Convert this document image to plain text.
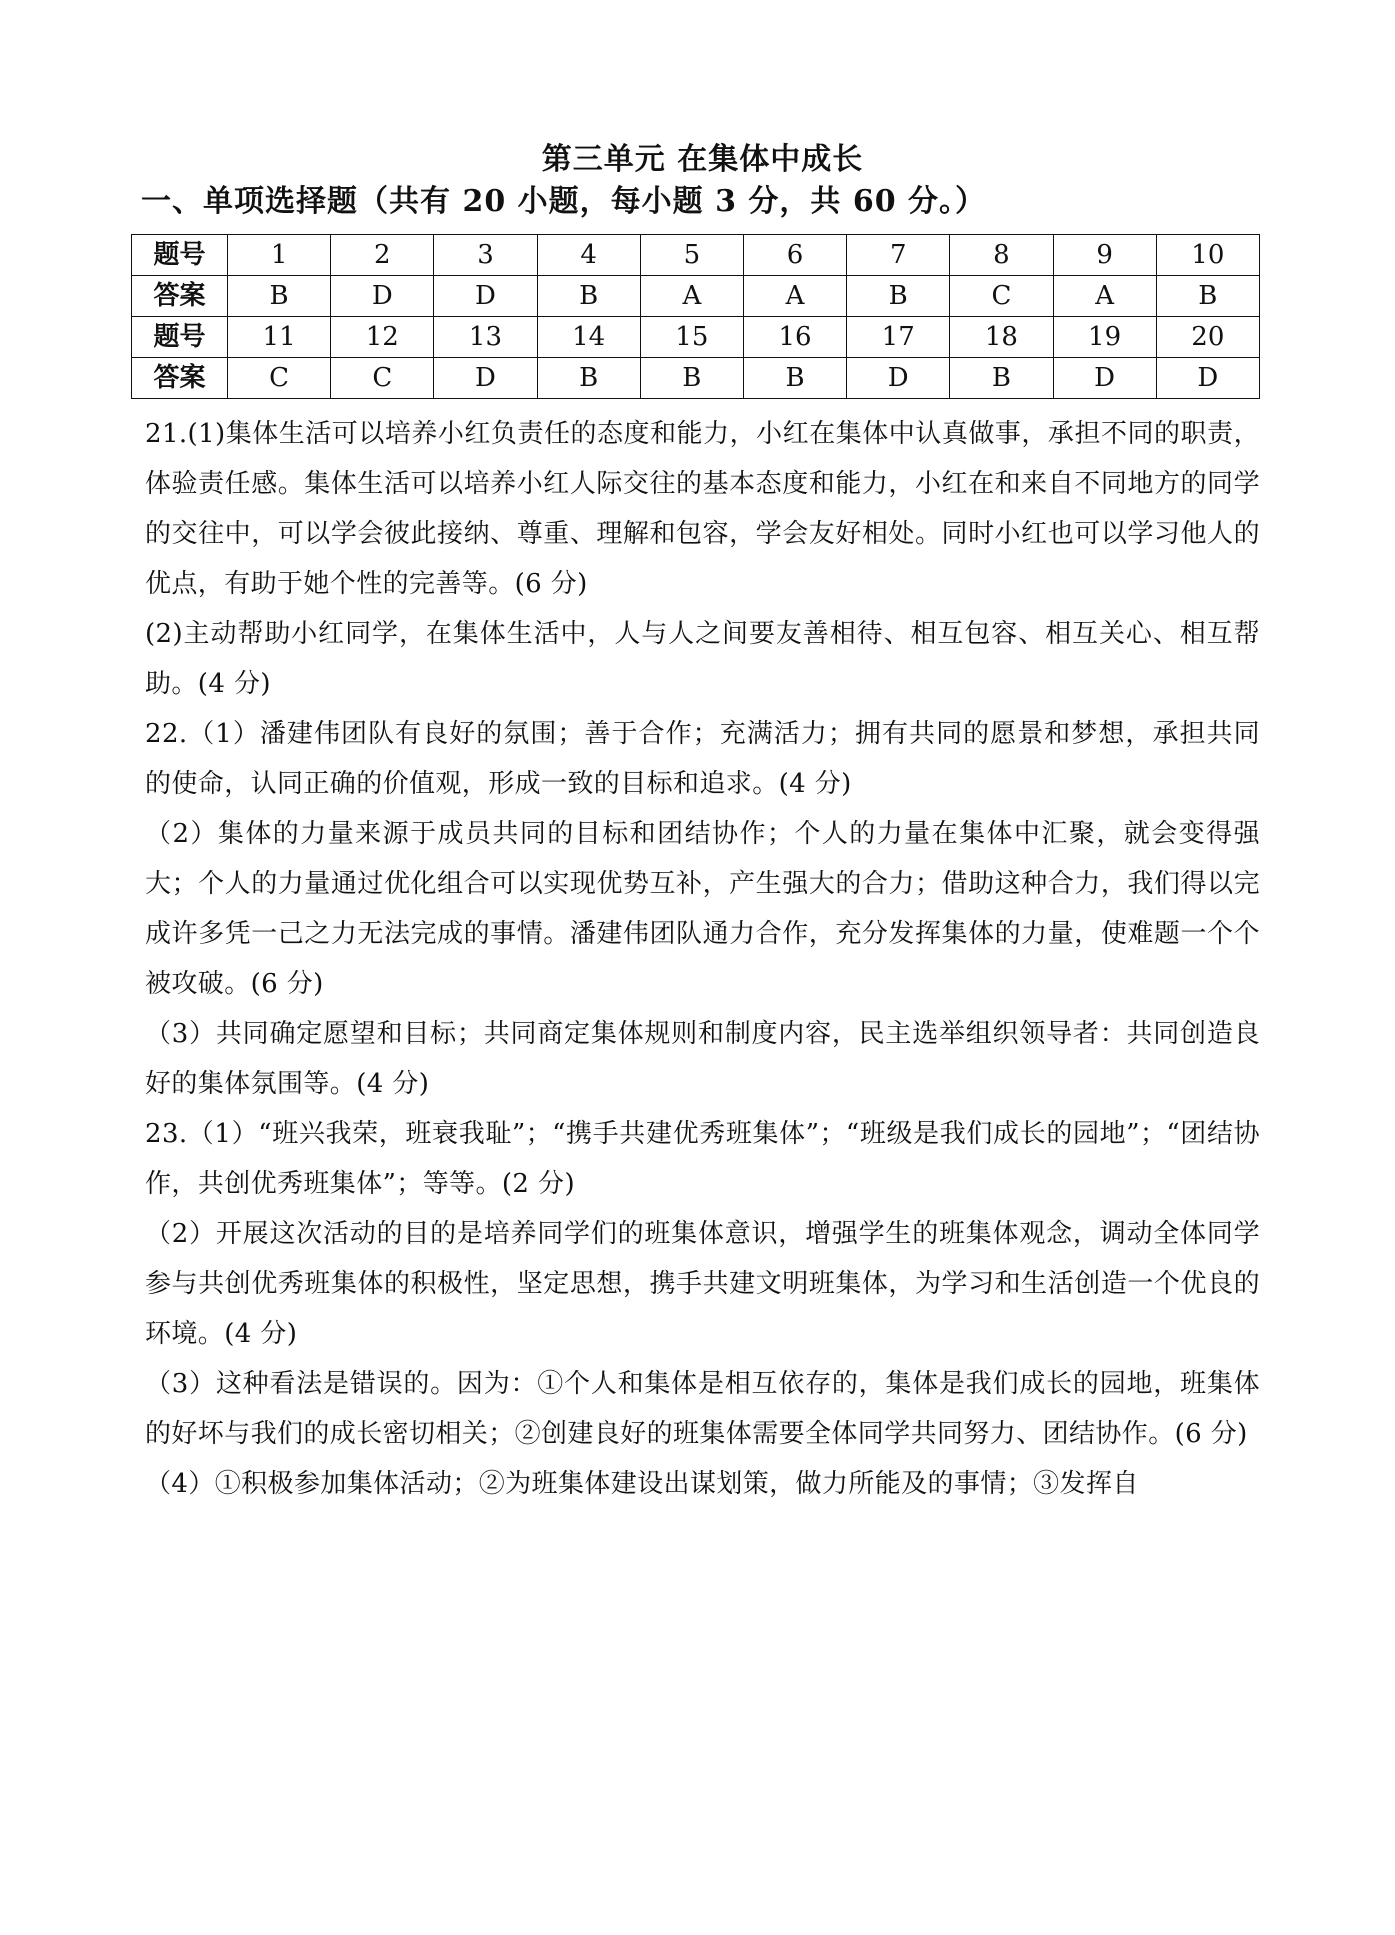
第三单元 在集体中成长
一、单项选择题（共有 20 小题，每小题 3 分，共 60 分。）
题号	1	2	3	4	5	6	7	8	9	10
答案	B	D	D	B	A	A	B	C	A	B
题号	11	12	13	14	15	16	17	18	19	20
答案	C	C	D	B	B	B	D	B	D	D

21.(1)集体生活可以培养小红负责任的态度和能力，小红在集体中认真做事，承担不同的职责，体验责任感。集体生活可以培养小红人际交往的基本态度和能力，小红在和来自不同地方的同学的交往中，可以学会彼此接纳、尊重、理解和包容，学会友好相处。同时小红也可以学习他人的优点，有助于她个性的完善等。(6 分)

(2)主动帮助小红同学，在集体生活中，人与人之间要友善相待、相互包容、相互关心、相互帮助。(4 分)

22.（1）潘建伟团队有良好的氛围；善于合作；充满活力；拥有共同的愿景和梦想，承担共同的使命，认同正确的价值观，形成一致的目标和追求。(4 分)

（2）集体的力量来源于成员共同的目标和团结协作；个人的力量在集体中汇聚，就会变得强大；个人的力量通过优化组合可以实现优势互补，产生强大的合力；借助这种合力，我们得以完成许多凭一己之力无法完成的事情。潘建伟团队通力合作，充分发挥集体的力量，使难题一个个被攻破。(6 分)

（3）共同确定愿望和目标；共同商定集体规则和制度内容，民主选举组织领导者：共同创造良好的集体氛围等。(4 分)

23.（1）“班兴我荣，班衰我耻”；“携手共建优秀班集体”；“班级是我们成长的园地”；“团结协作，共创优秀班集体”；等等。(2 分)

（2）开展这次活动的目的是培养同学们的班集体意识，增强学生的班集体观念，调动全体同学参与共创优秀班集体的积极性，坚定思想，携手共建文明班集体，为学习和生活创造一个优良的环境。(4 分)

（3）这种看法是错误的。因为：①个人和集体是相互依存的，集体是我们成长的园地，班集体的好坏与我们的成长密切相关；②创建良好的班集体需要全体同学共同努力、团结协作。(6 分)

（4）①积极参加集体活动；②为班集体建设出谋划策，做力所能及的事情；③发挥自
